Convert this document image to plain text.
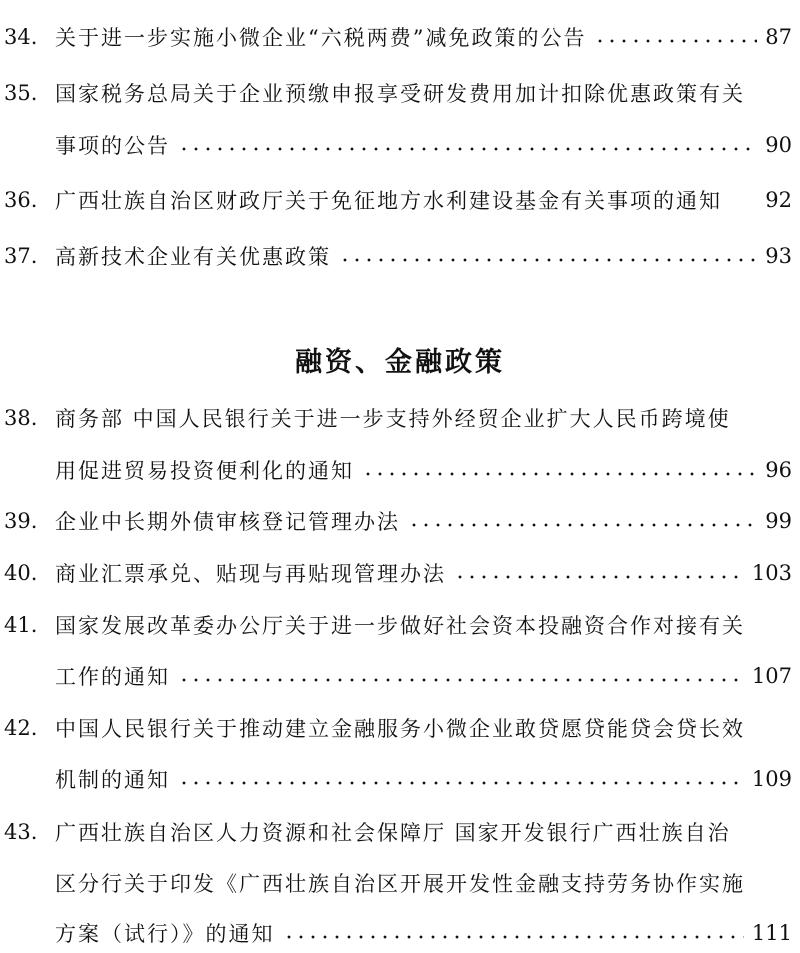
34. 关于进一步实施小微企业“六税两费”减免政策的公告	87
35. 国家税务总局关于企业预缴申报享受研发费用加计扣除优惠政策有关
事项的公告	90
36. 广西壮族自治区财政厅关于免征地方水利建设基金有关事项的通知 92
37. 高新技术企业有关优惠政策	93
融资、金融政策
38. 商务部 中国人民银行关于进一步支持外经贸企业扩大人民币跨境使
用促进贸易投资便利化的通知	96
39. 企业中长期外债审核登记管理办法	99
40. 商业汇票承兑、贴现与再贴现管理办法	103
41. 国家发展改革委办公厅关于进一步做好社会资本投融资合作对接有关
工作的通知	107
42. 中国人民银行关于推动建立金融服务小微企业敢贷愿贷能贷会贷长效
机制的通知	109
43. 广西壮族自治区人力资源和社会保障厅 国家开发银行广西壮族自治
区分行关于印发《广西壮族自治区开展开发性金融支持劳务协作实施
方案（试行）》的通知	111
